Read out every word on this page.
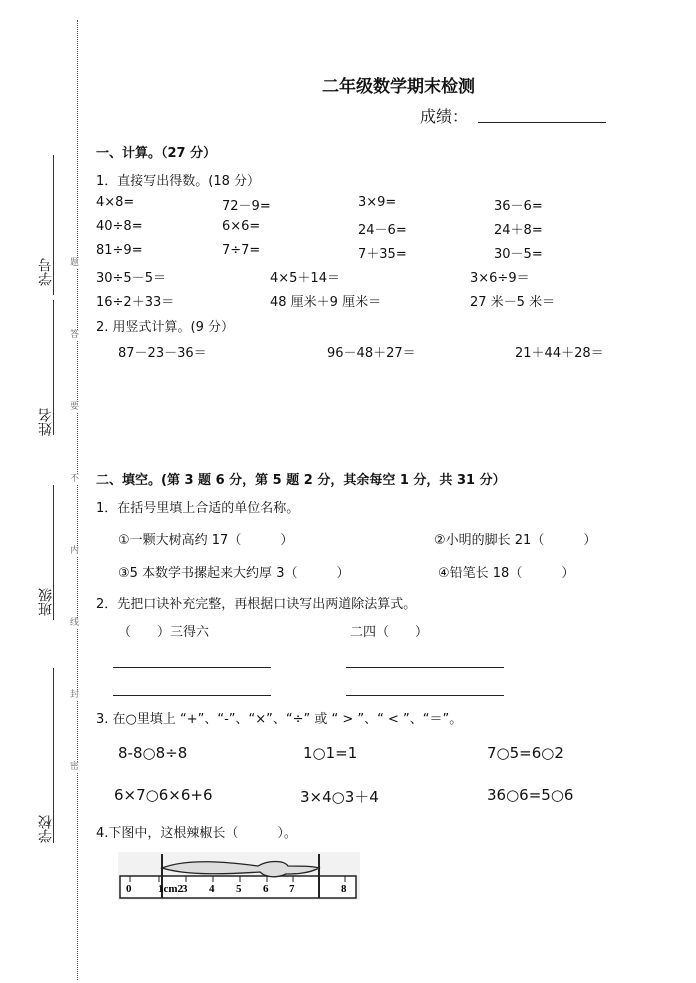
学号
姓名
班级
学校
题
答
要
不
内
线
封
密
二年级数学期末检测
成绩：
一、计算。（27 分）
1．直接写出得数。(18 分）
4×8=	72－9=	3×9=	36－6=
40÷8=	6×6=	24－6=	24＋8=
81÷9=	7÷7=	7＋35=	30－5=
30÷5－5＝	4×5＋14＝	3×6÷9＝
16÷2＋33＝	48 厘米＋9 厘米＝	27 米－5 米＝
2. 用竖式计算。(9 分）
87－23－36＝	96－48＋27＝	21＋44＋28＝
二、填空。(第 3 题 6 分，第 5 题 2 分，其余每空 1 分，共 31 分）
1．在括号里填上合适的单位名称。
①一颗大树高约 17（　　　）	②小明的脚长 21（　　　）
③5 本数学书摞起来大约厚 3（　　　）	④铅笔长 18（　　　）
2．先把口诀补充完整，再根据口诀写出两道除法算式。
（　　）三得六	二四（　　）
3. 在○里填上 “+”、“-”、“×”、“÷” 或 “ > ”、“ < ”、“＝”。
8-8○8÷8	1○1=1	7○5=6○2
6×7○6×6+6	3×4○3＋4	36○6=5○6
4.下图中，这根辣椒长（　　　）。
0 1cm2
3 4 5 6 7	8
